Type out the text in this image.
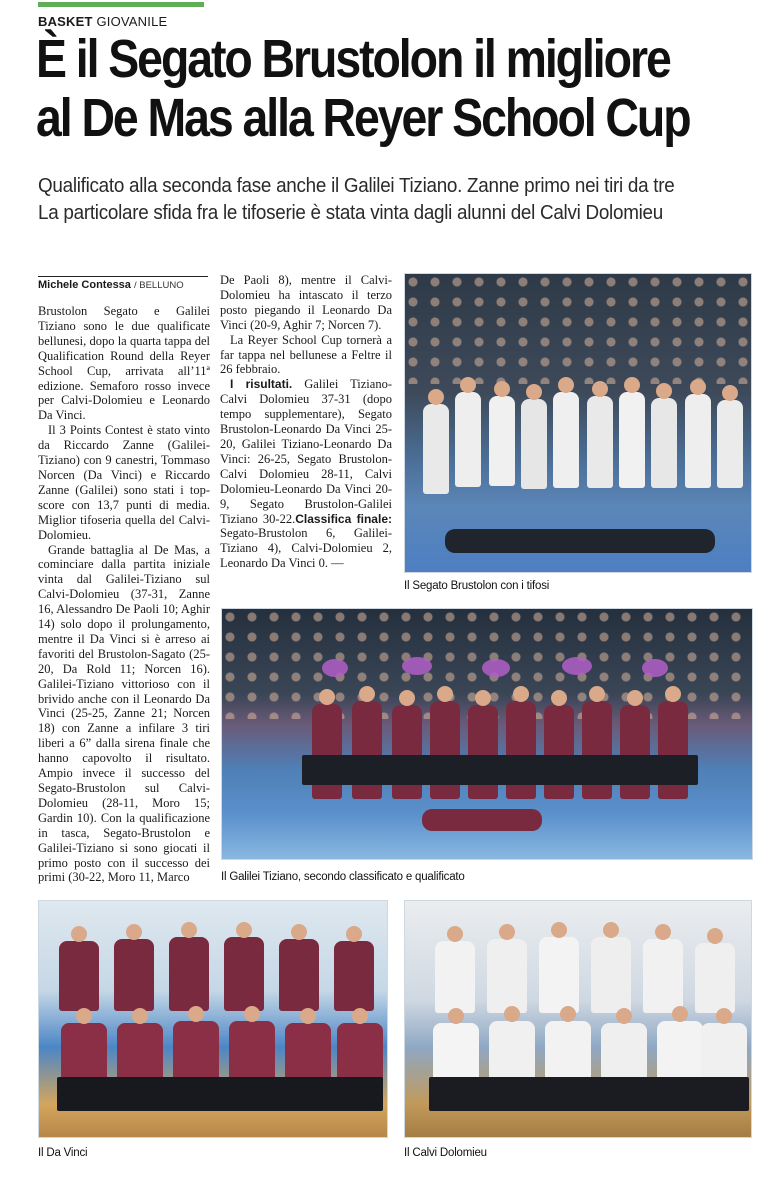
BASKET GIOVANILE
È il Segato Brustolon il migliore
al De Mas alla Reyer School Cup
Qualificato alla seconda fase anche il Galilei Tiziano. Zanne primo nei tiri da tre
La particolare sfida fra le tifoserie è stata vinta dagli alunni del Calvi Dolomieu
Michele Contessa / BELLUNO

Brustolon Segato e Galilei Tiziano sono le due qualificate bellunesi, dopo la quarta tappa del Qualification Round della Reyer School Cup, arrivata all’11ª edizione. Semaforo rosso invece per Calvi-Dolomieu e Leonardo Da Vinci.

Il 3 Points Contest è stato vinto da Riccardo Zanne (Galilei-Tiziano) con 9 canestri, Tommaso Norcen (Da Vinci) e Riccardo Zanne (Galilei) sono stati i top-score con 13,7 punti di media. Miglior tifoseria quella del Calvi-Dolomieu.

Grande battaglia al De Mas, a cominciare dalla partita iniziale vinta dal Galilei-Tiziano sul Calvi-Dolomieu (37-31, Zanne 16, Alessandro De Paoli 10; Aghir 14) solo dopo il prolungamento, mentre il Da Vinci si è arreso ai favoriti del Brustolon-Sagato (25-20, Da Rold 11; Norcen 16). Galilei-Tiziano vittorioso con il brivido anche con il Leonardo Da Vinci (25-25, Zanne 21; Norcen 18) con Zanne a infilare 3 tiri liberi a 6” dalla sirena finale che hanno capovolto il risultato. Ampio invece il successo del Segato-Brustolon sul Calvi-Dolomieu (28-11, Moro 15; Gardin 10). Con la qualificazione in tasca, Segato-Brustolon e Galilei-Tiziano si sono giocati il primo posto con il successo dei primi (30-22, Moro 11, Marco

De Paoli 8), mentre il Calvi-Dolomieu ha intascato il terzo posto piegando il Leonardo Da Vinci (20-9, Aghir 7; Norcen 7).

La Reyer School Cup tornerà a far tappa nel bellunese a Feltre il 26 febbraio.

I risultati. Galilei Tiziano-Calvi Dolomieu 37-31 (dopo tempo supplementare), Segato Brustolon-Leonardo Da Vinci 25-20, Galilei Tiziano-Leonardo Da Vinci: 26-25, Segato Brustolon-Calvi Dolomieu 28-11, Calvi Dolomieu-Leonardo Da Vinci 20-9, Segato Brustolon-Galilei Tiziano 30-22.Classifica finale: Segato-Brustolon 6, Galilei-Tiziano 4), Calvi-Dolomieu 2, Leonardo Da Vinci 0. —

Il Segato Brustolon con i tifosi
Il Galilei Tiziano, secondo classificato e qualificato
Il Da Vinci	Il Calvi Dolomieu
